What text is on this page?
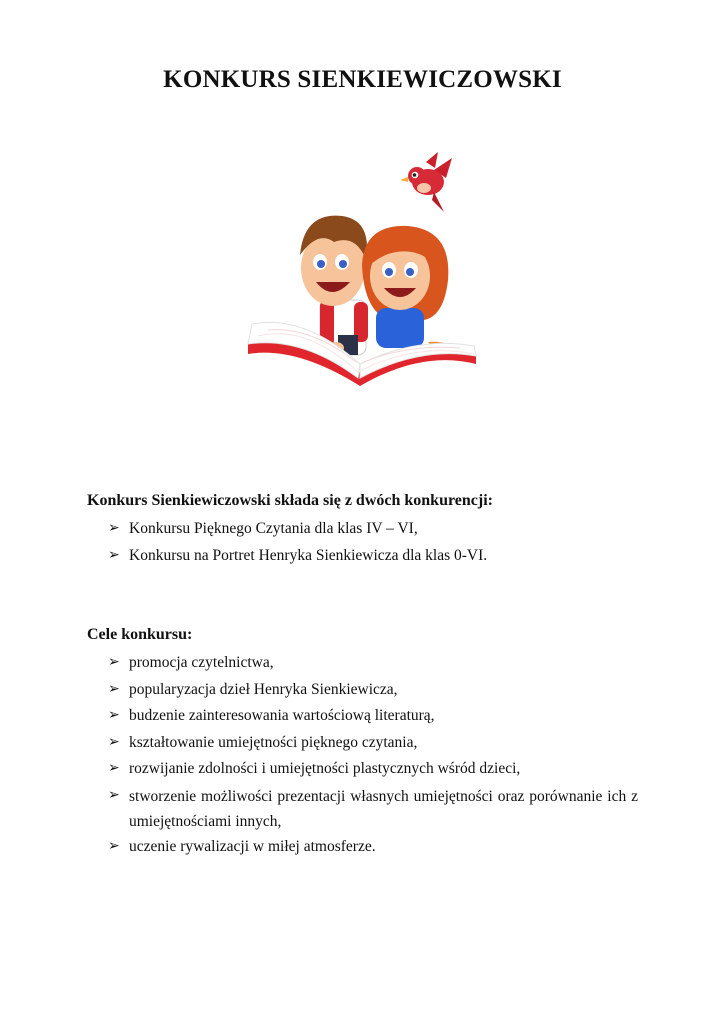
KONKURS SIENKIEWICZOWSKI
Konkurs Sienkiewiczowski składa się z dwóch konkurencji:
➢ Konkursu Pięknego Czytania dla klas IV – VI,
➢ Konkursu na Portret Henryka Sienkiewicza dla klas 0-VI.
Cele konkursu:
➢ promocja czytelnictwa,
➢ popularyzacja dzieł Henryka Sienkiewicza,
➢ budzenie zainteresowania wartościową literaturą,
➢ kształtowanie umiejętności pięknego czytania,
➢ rozwijanie zdolności i umiejętności plastycznych wśród dzieci,
➢ stworzenie możliwości prezentacji własnych umiejętności oraz porównanie ich z umiejętnościami innych,
➢ uczenie rywalizacji w miłej atmosferze.
